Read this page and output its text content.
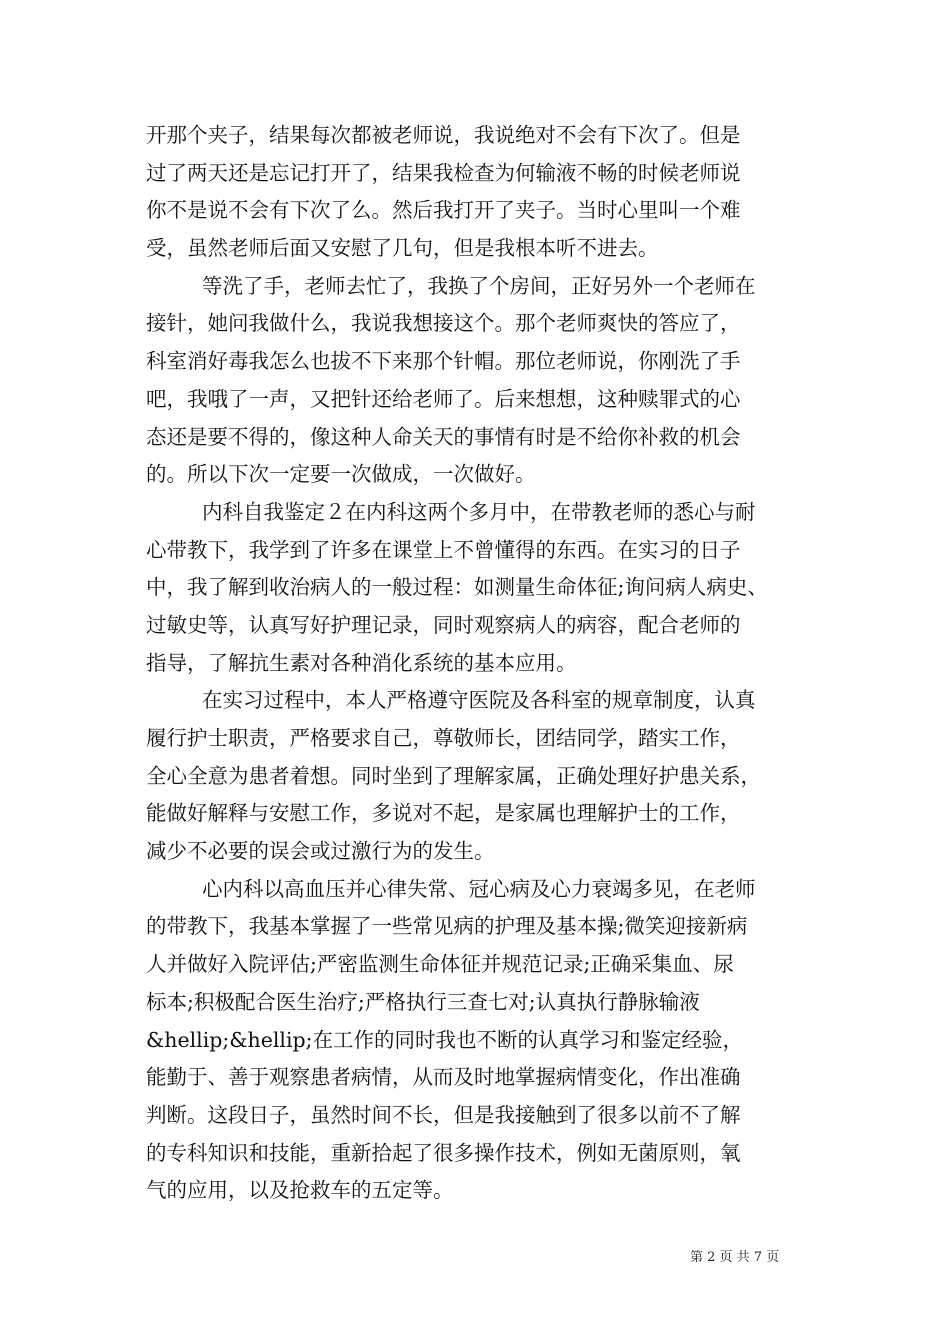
开那个夹子，结果每次都被老师说，我说绝对不会有下次了。但是
过了两天还是忘记打开了，结果我检查为何输液不畅的时候老师说
你不是说不会有下次了么。然后我打开了夹子。当时心里叫一个难
受，虽然老师后面又安慰了几句，但是我根本听不进去。
等洗了手，老师去忙了，我换了个房间，正好另外一个老师在
接针，她问我做什么，我说我想接这个。那个老师爽快的答应了，
科室消好毒我怎么也拔不下来那个针帽。那位老师说，你刚洗了手
吧，我哦了一声，又把针还给老师了。后来想想，这种赎罪式的心
态还是要不得的，像这种人命关天的事情有时是不给你补救的机会
的。所以下次一定要一次做成，一次做好。
内科自我鉴定２在内科这两个多月中，在带教老师的悉心与耐
心带教下，我学到了许多在课堂上不曾懂得的东西。在实习的日子
中，我了解到收治病人的一般过程：如测量生命体征;询问病人病史、
过敏史等，认真写好护理记录，同时观察病人的病容，配合老师的
指导，了解抗生素对各种消化系统的基本应用。
在实习过程中，本人严格遵守医院及各科室的规章制度，认真
履行护士职责，严格要求自己，尊敬师长，团结同学，踏实工作，
全心全意为患者着想。同时坐到了理解家属，正确处理好护患关系，
能做好解释与安慰工作，多说对不起，是家属也理解护士的工作，
减少不必要的误会或过激行为的发生。
心内科以高血压并心律失常、冠心病及心力衰竭多见，在老师
的带教下，我基本掌握了一些常见病的护理及基本操;微笑迎接新病
人并做好入院评估;严密监测生命体征并规范记录;正确采集血、尿
标本;积极配合医生治疗;严格执行三查七对;认真执行静脉输液
&hellip;&hellip;在工作的同时我也不断的认真学习和鉴定经验，
能勤于、善于观察患者病情，从而及时地掌握病情变化，作出准确
判断。这段日子，虽然时间不长，但是我接触到了很多以前不了解
的专科知识和技能，重新拾起了很多操作技术，例如无菌原则，氧
气的应用，以及抢救车的五定等。
第 2 页 共 7 页
